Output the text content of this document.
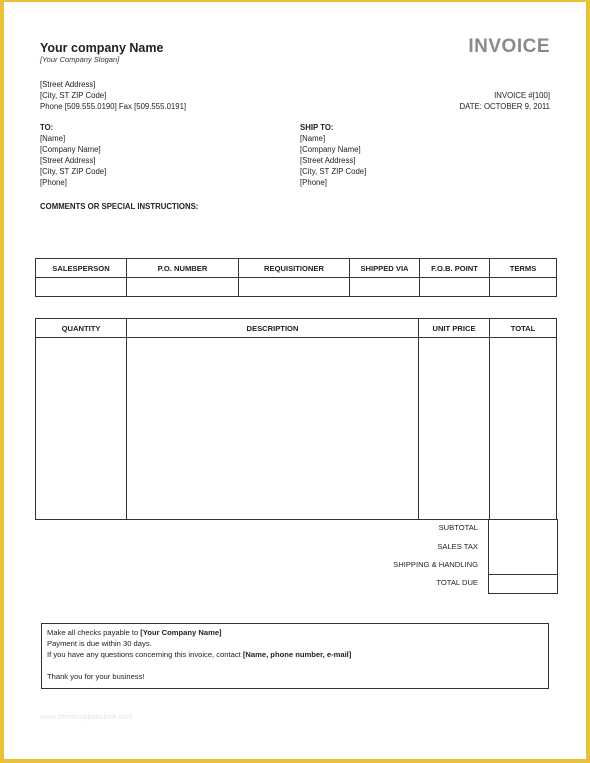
Your company Name
[Your Company Slogan]
INVOICE
[Street Address]
[City, ST ZIP Code]
Phone [509.555.0190] Fax [509.555.0191]
INVOICE #[100]
DATE: OCTOBER 9, 2011
TO:
[Name]
[Company Name]
[Street Address]
[City, ST ZIP Code]
[Phone]
SHIP TO:
[Name]
[Company Name]
[Street Address]
[City, ST ZIP Code]
[Phone]
COMMENTS OR SPECIAL INSTRUCTIONS:
SALESPERSON	P.O. NUMBER	REQUISITIONER	SHIPPED VIA	F.O.B. POINT	TERMS

QUANTITY	DESCRIPTION	UNIT PRICE	TOTAL

SUBTOTAL
SALES TAX
SHIPPING & HANDLING
TOTAL DUE
Make all checks payable to [Your Company Name]
Payment is due within 30 days.
If you have any questions concerning this invoice, contact [Name, phone number, e-mail]
Thank you for your business!
www.freetemplatesfree.com
